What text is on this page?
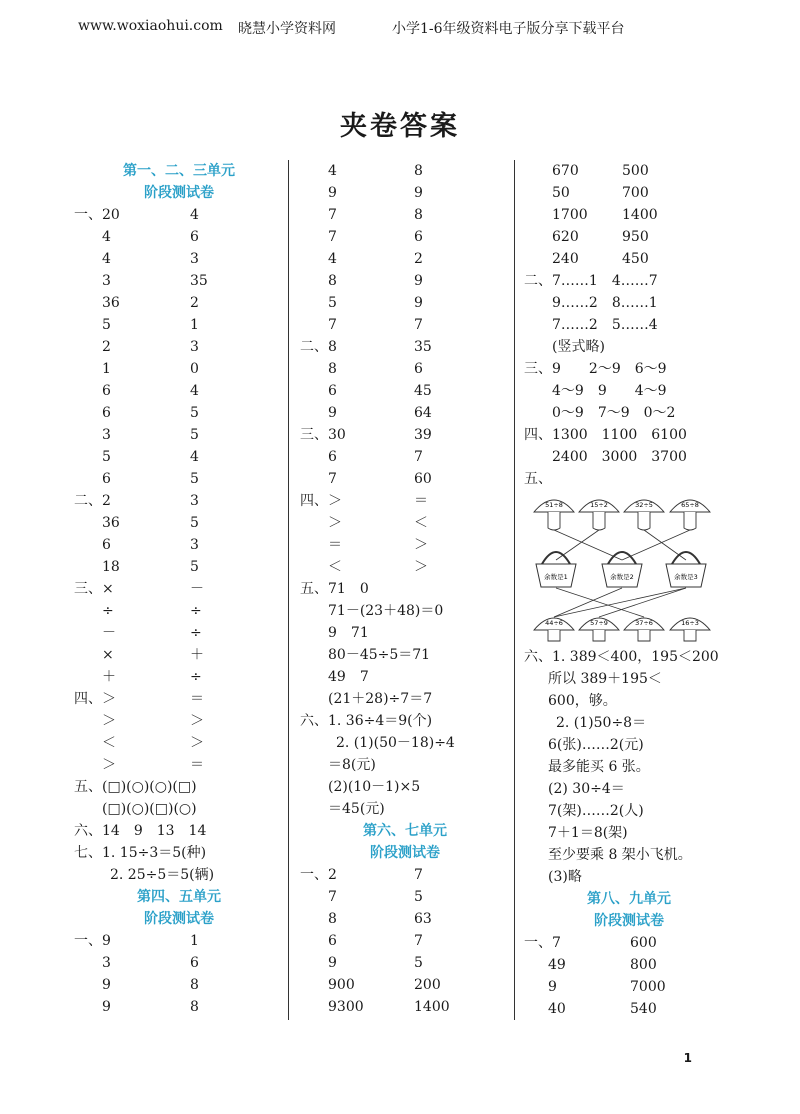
www.woxiaohui.com 晓慧小学资料网	小学1-6年级资料电子版分享下载平台
夹卷答案
第一、二、三单元
阶段测试卷
一、20	4
4	6
4	3
3	35
36	2
5	1
2	3
1	0
6	4
6	5
3	5
5	4
6	5
二、2	3
36	5
6	3
18	5
三、×	－
÷	÷
－	÷
×	＋
＋	÷
四、＞	＝
＞	＞
＜	＞
＞	＝
五、(□)(○)(○)(□)
(□)(○)(□)(○)
六、14　9　13　14
七、1. 15÷3＝5(种)
2. 25÷5＝5(辆)
第四、五单元
阶段测试卷
一、9	1
3	6
9	8
9	8
4	8
9	9
7	8
7	6
4	2
8	9
5	9
7	7
二、8	35
8	6
6	45
9	64
三、30	39
6	7
7	60
四、＞	＝
＞	＜
＝	＞
＜	＞
五、71　0
71－(23＋48)＝0
9　71
80－45÷5＝71
49　7
(21＋28)÷7＝7
六、1. 36÷4＝9(个)
2. (1)(50－18)÷4
＝8(元)
(2)(10－1)×5
＝45(元)
第六、七单元
阶段测试卷
一、2	7
7	5
8	63
6	7
9	5
900	200
9300	1400
670	500
50	700
1700 1400
620	950
240	450
二、7……1　4……7
9……2　8……1
7……2　5……4
(竖式略)
三、9　　2～9　6～9
4～9　9　　4～9
0～9　7～9　0～2
四、1300　1100　6100
2400　3000　3700
五、
51÷8	15÷2	32÷5	65÷8
余数是1	余数是2	余数是3
44÷6	57÷9	37÷6	16÷3
六、1. 389＜400，195＜200
所以 389＋195＜
600，够。
2. (1)50÷8＝
6(张)……2(元)
最多能买 6 张。
(2) 30÷4＝
7(架)……2(人)
7＋1＝8(架)
至少要乘 8 架小飞机。
(3)略
第八、九单元
阶段测试卷
一、7	600
49	800
9	7000
40	540
1
